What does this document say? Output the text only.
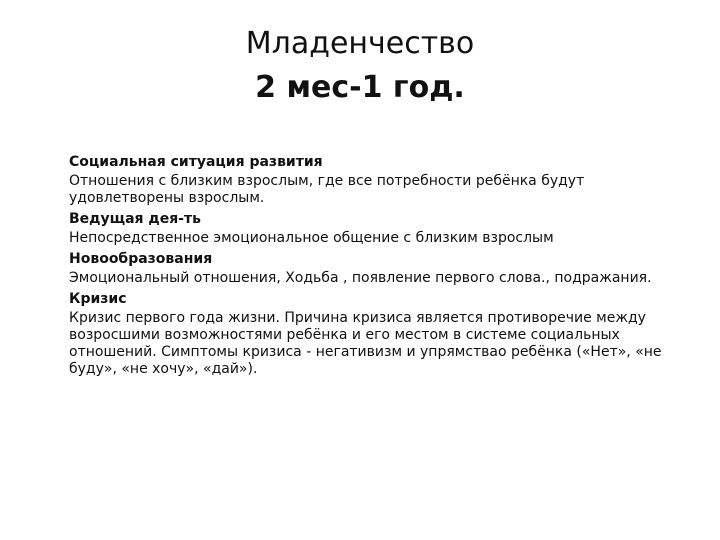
Младенчество
2 мес-1 год.
Социальная ситуация развития
Отношения с близким взрослым, где все потребности ребёнка будут удовлетворены взрослым.
Ведущая дея-ть
Непосредственное эмоциональное общение с близким взрослым
Новообразования
Эмоциональный отношения, Ходьба , появление первого слова., подражания.
Кризис
Кризис первого года жизни. Причина кризиса является противоречие между возросшими возможностями ребёнка и его местом в системе социальных отношений. Симптомы кризиса - негативизм и упрямстваo ребёнка («Нет», «не буду», «не хочу», «дай»).
